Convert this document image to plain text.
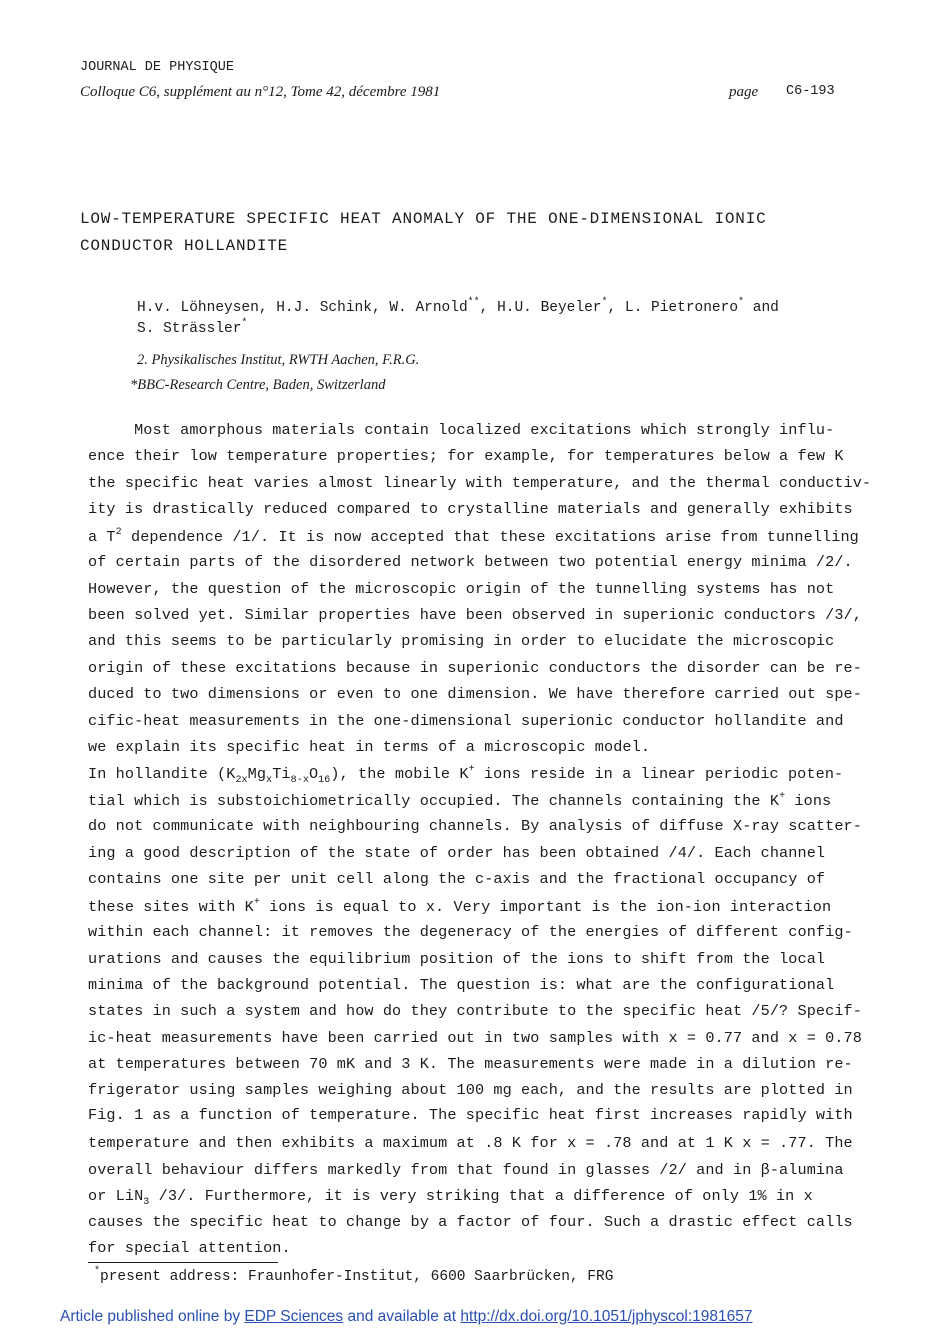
JOURNAL DE PHYSIQUE
Colloque C6, supplément au n°12, Tome 42, décembre 1981	page C6-193
LOW-TEMPERATURE SPECIFIC HEAT ANOMALY OF THE ONE-DIMENSIONAL IONIC
CONDUCTOR HOLLANDITE
H.v. Löhneysen, H.J. Schink, W. Arnold**, H.U. Beyeler*, L. Pietronero* and
S. Strässler*
2. Physikalisches Institut, RWTH Aachen, F.R.G.
*BBC-Research Centre, Baden, Switzerland
Most amorphous materials contain localized excitations which strongly influ-
ence their low temperature properties; for example, for temperatures below a few K
the specific heat varies almost linearly with temperature, and the thermal conductiv-
ity is drastically reduced compared to crystalline materials and generally exhibits
a $T^2$ dependence /1/. It is now accepted that these excitations arise from tunnelling
of certain parts of the disordered network between two potential energy minima /2/.
However, the question of the microscopic origin of the tunnelling systems has not
been solved yet. Similar properties have been observed in superionic conductors /3/,
and this seems to be particularly promising in order to elucidate the microscopic
origin of these excitations because in superionic conductors the disorder can be re-
duced to two dimensions or even to one dimension. We have therefore carried out spe-
cific-heat measurements in the one-dimensional superionic conductor hollandite and
we explain its specific heat in terms of a microscopic model.
In hollandite $(K_{2x}Mg_xTi_{8-x}O_{16})$, the mobile K+ ions reside in a linear periodic poten-
tial which is substoichiometrically occupied. The channels containing the K+ ions
do not communicate with neighbouring channels. By analysis of diffuse X-ray scatter-
ing a good description of the state of order has been obtained /4/. Each channel
contains one site per unit cell along the c-axis and the fractional occupancy of
these sites with K+ ions is equal to x. Very important is the ion-ion interaction
within each channel: it removes the degeneracy of the energies of different config-
urations and causes the equilibrium position of the ions to shift from the local
minima of the background potential. The question is: what are the configurational
states in such a system and how do they contribute to the specific heat /5/? Specif-
ic-heat measurements have been carried out in two samples with x = 0.77 and x = 0.78
at temperatures between 70 mK and 3 K. The measurements were made in a dilution re-
frigerator using samples weighing about 100 mg each, and the results are plotted in
Fig. 1 as a function of temperature. The specific heat first increases rapidly with
temperature and then exhibits a maximum at .8 K for x = .78 and at 1 K x = .77. The
overall behaviour differs markedly from that found in glasses /2/ and in β-alumina
or LiN$_3$ /3/. Furthermore, it is very striking that a difference of only 1% in x
causes the specific heat to change by a factor of four. Such a drastic effect calls
for special attention.
*present address: Fraunhofer-Institut, 6600 Saarbrücken, FRG
Article published online by EDP Sciences and available at http://dx.doi.org/10.1051/jphyscol:1981657
